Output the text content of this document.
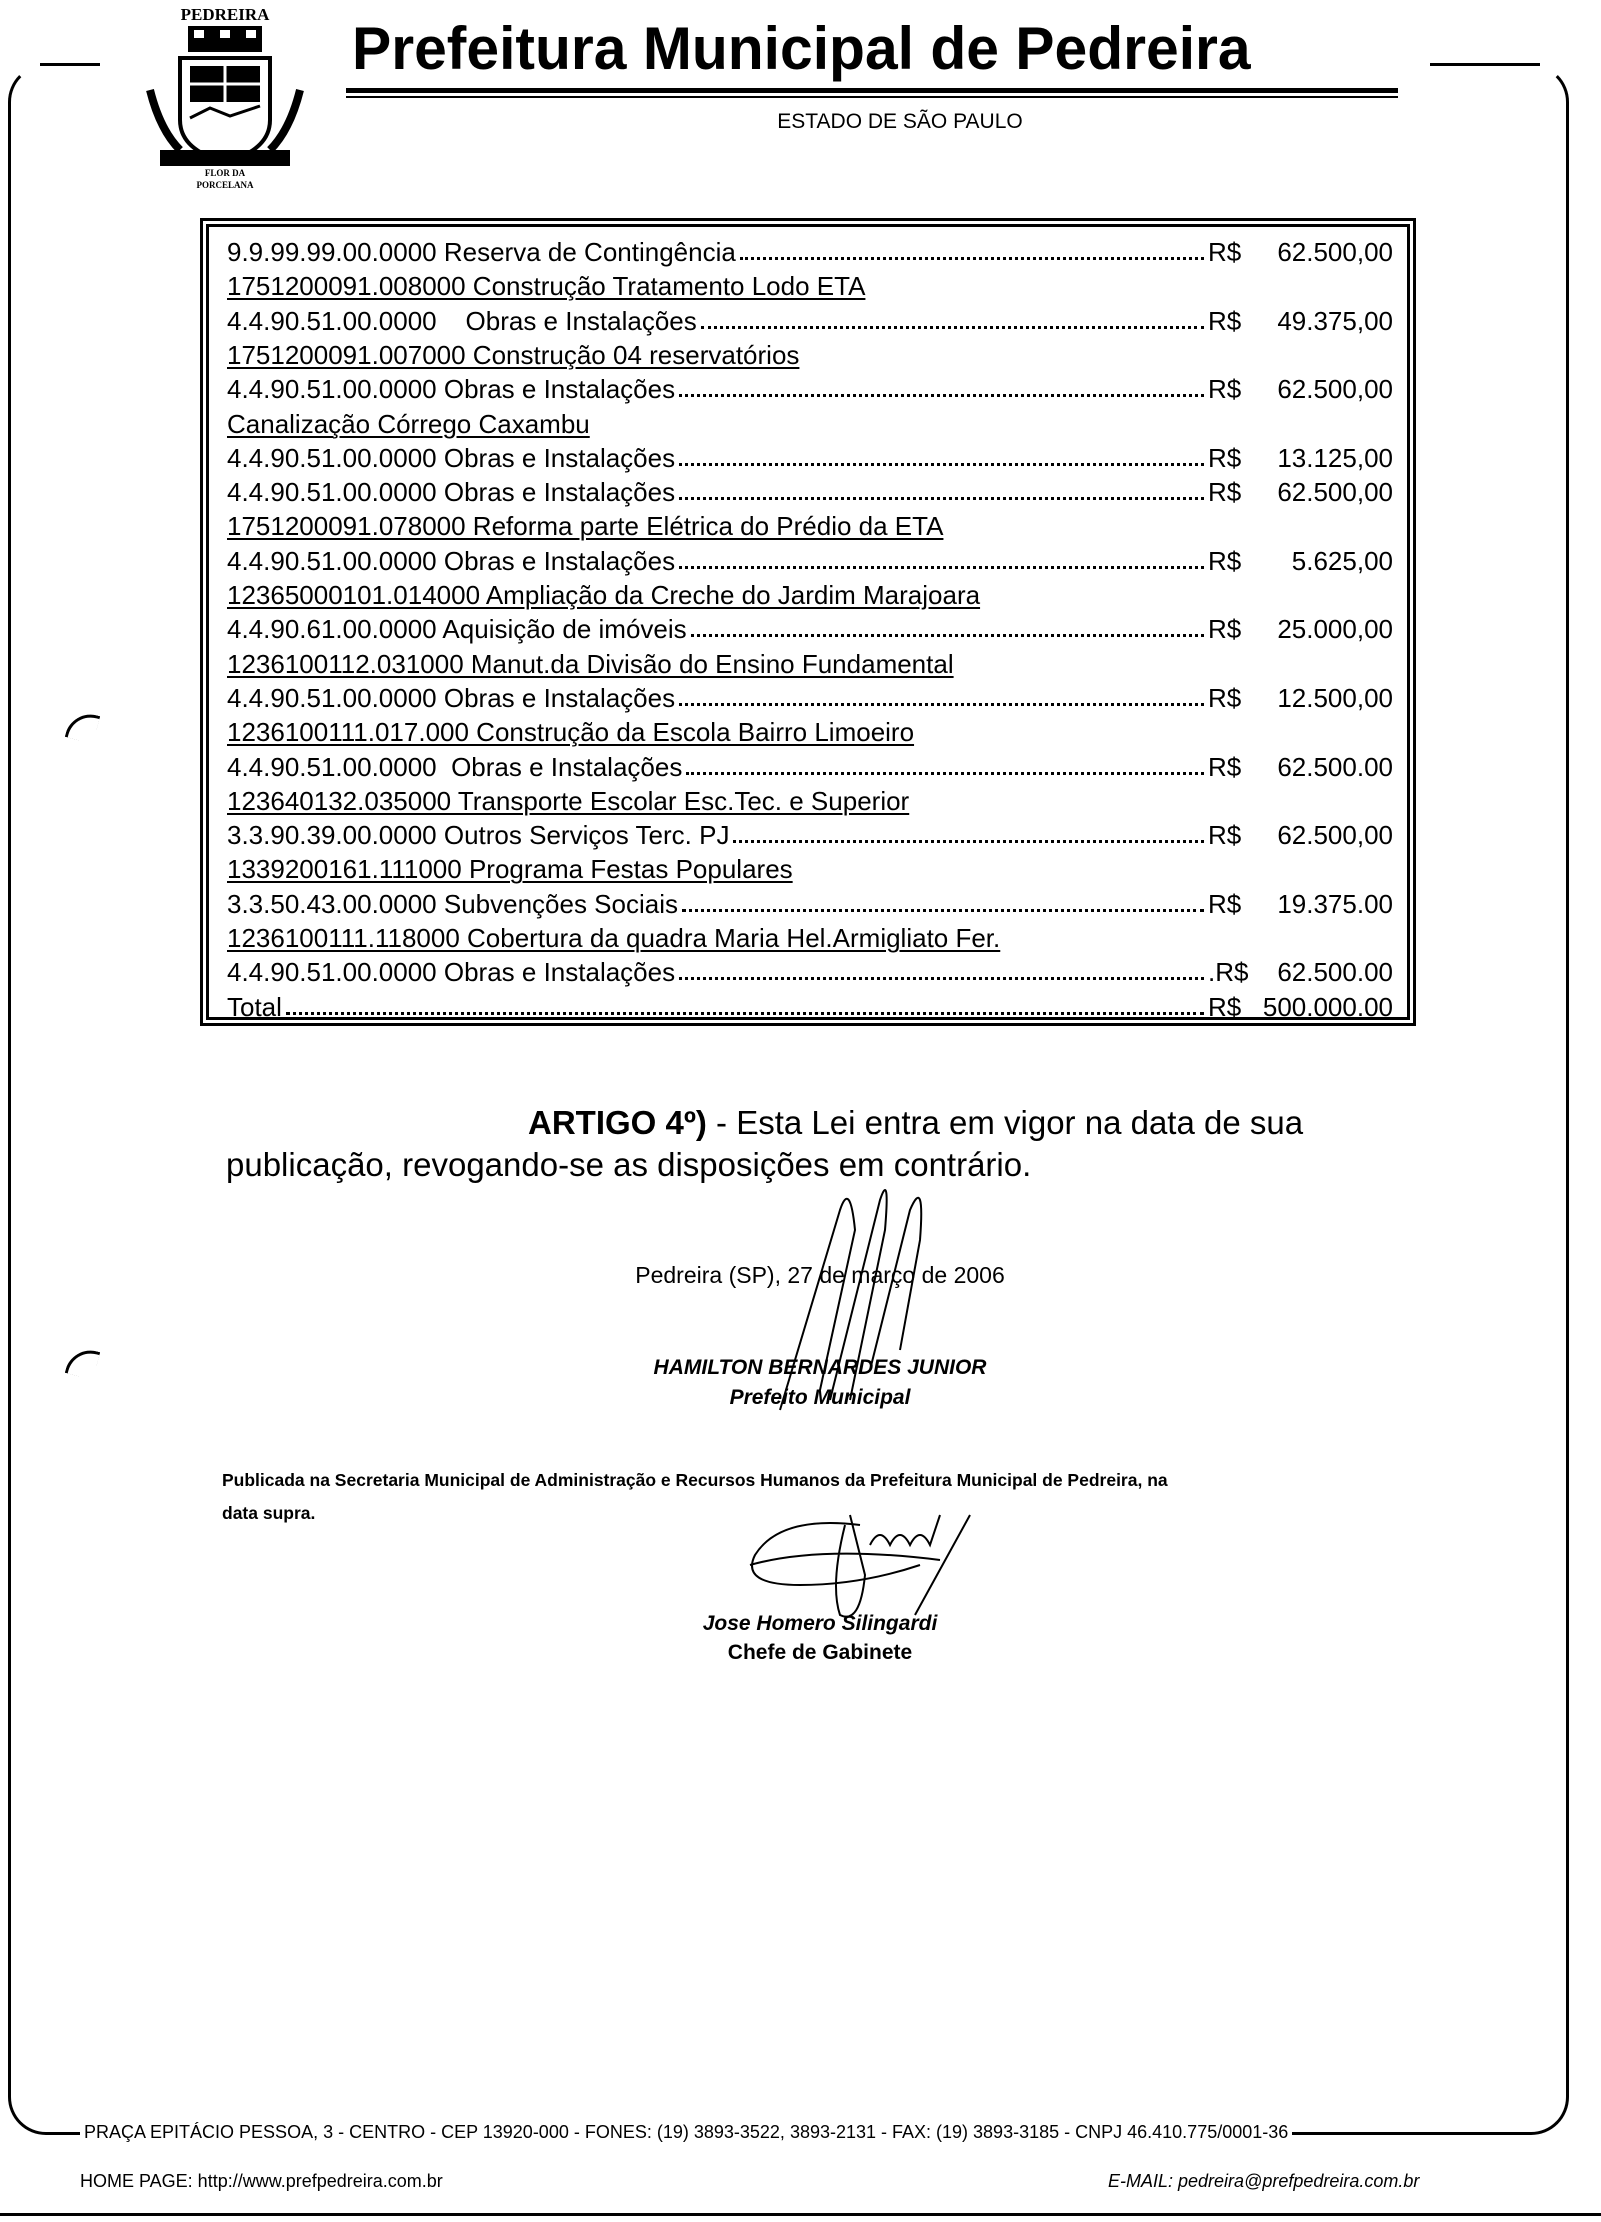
PEDREIRA
FLOR DA
PORCELANA
Prefeitura Municipal de Pedreira
ESTADO DE SÃO PAULO
9.9.99.99.00.0000 Reserva de Contingência	R$	62.500,00
1751200091.008000 Construção Tratamento Lodo ETA
4.4.90.51.00.0000    Obras e Instalações	R$	49.375,00
1751200091.007000 Construção 04 reservatórios
4.4.90.51.00.0000 Obras e Instalações	R$	62.500,00
Canalização Córrego Caxambu
4.4.90.51.00.0000 Obras e Instalações	R$	13.125,00
4.4.90.51.00.0000 Obras e Instalações	R$	62.500,00
1751200091.078000 Reforma parte Elétrica do Prédio da ETA
4.4.90.51.00.0000 Obras e Instalações	R$	5.625,00
12365000101.014000 Ampliação da Creche do Jardim Marajoara
4.4.90.61.00.0000 Aquisição de imóveis	R$	25.000,00
1236100112.031000 Manut.da Divisão do Ensino Fundamental
4.4.90.51.00.0000 Obras e Instalações	R$	12.500,00
1236100111.017.000 Construção da Escola Bairro Limoeiro
4.4.90.51.00.0000  Obras e Instalações	R$	62.500.00
123640132.035000 Transporte Escolar Esc.Tec. e Superior
3.3.90.39.00.0000 Outros Serviços Terc. PJ	R$	62.500,00
1339200161.111000 Programa Festas Populares
3.3.50.43.00.0000 Subvenções Sociais	R$	19.375.00
1236100111.118000 Cobertura da quadra Maria Hel.Armigliato Fer.
4.4.90.51.00.0000 Obras e Instalações	.R$	62.500.00
Total	R$ 500.000.00
ARTIGO 4º) - Esta Lei entra em vigor na data de sua
publicação, revogando-se as disposições em contrário.
Pedreira (SP), 27 de março de 2006
HAMILTON BERNARDES JUNIOR
Prefeito Municipal
Publicada na Secretaria Municipal de Administração e Recursos Humanos da Prefeitura Municipal de Pedreira, na
data supra.
Jose Homero Silingardi
Chefe de Gabinete
PRAÇA EPITÁCIO PESSOA, 3 - CENTRO - CEP 13920-000 - FONES: (19) 3893-3522, 3893-2131 - FAX: (19) 3893-3185 - CNPJ 46.410.775/0001-36
HOME PAGE: http://www.prefpedreira.com.br	E-MAIL: pedreira@prefpedreira.com.br
